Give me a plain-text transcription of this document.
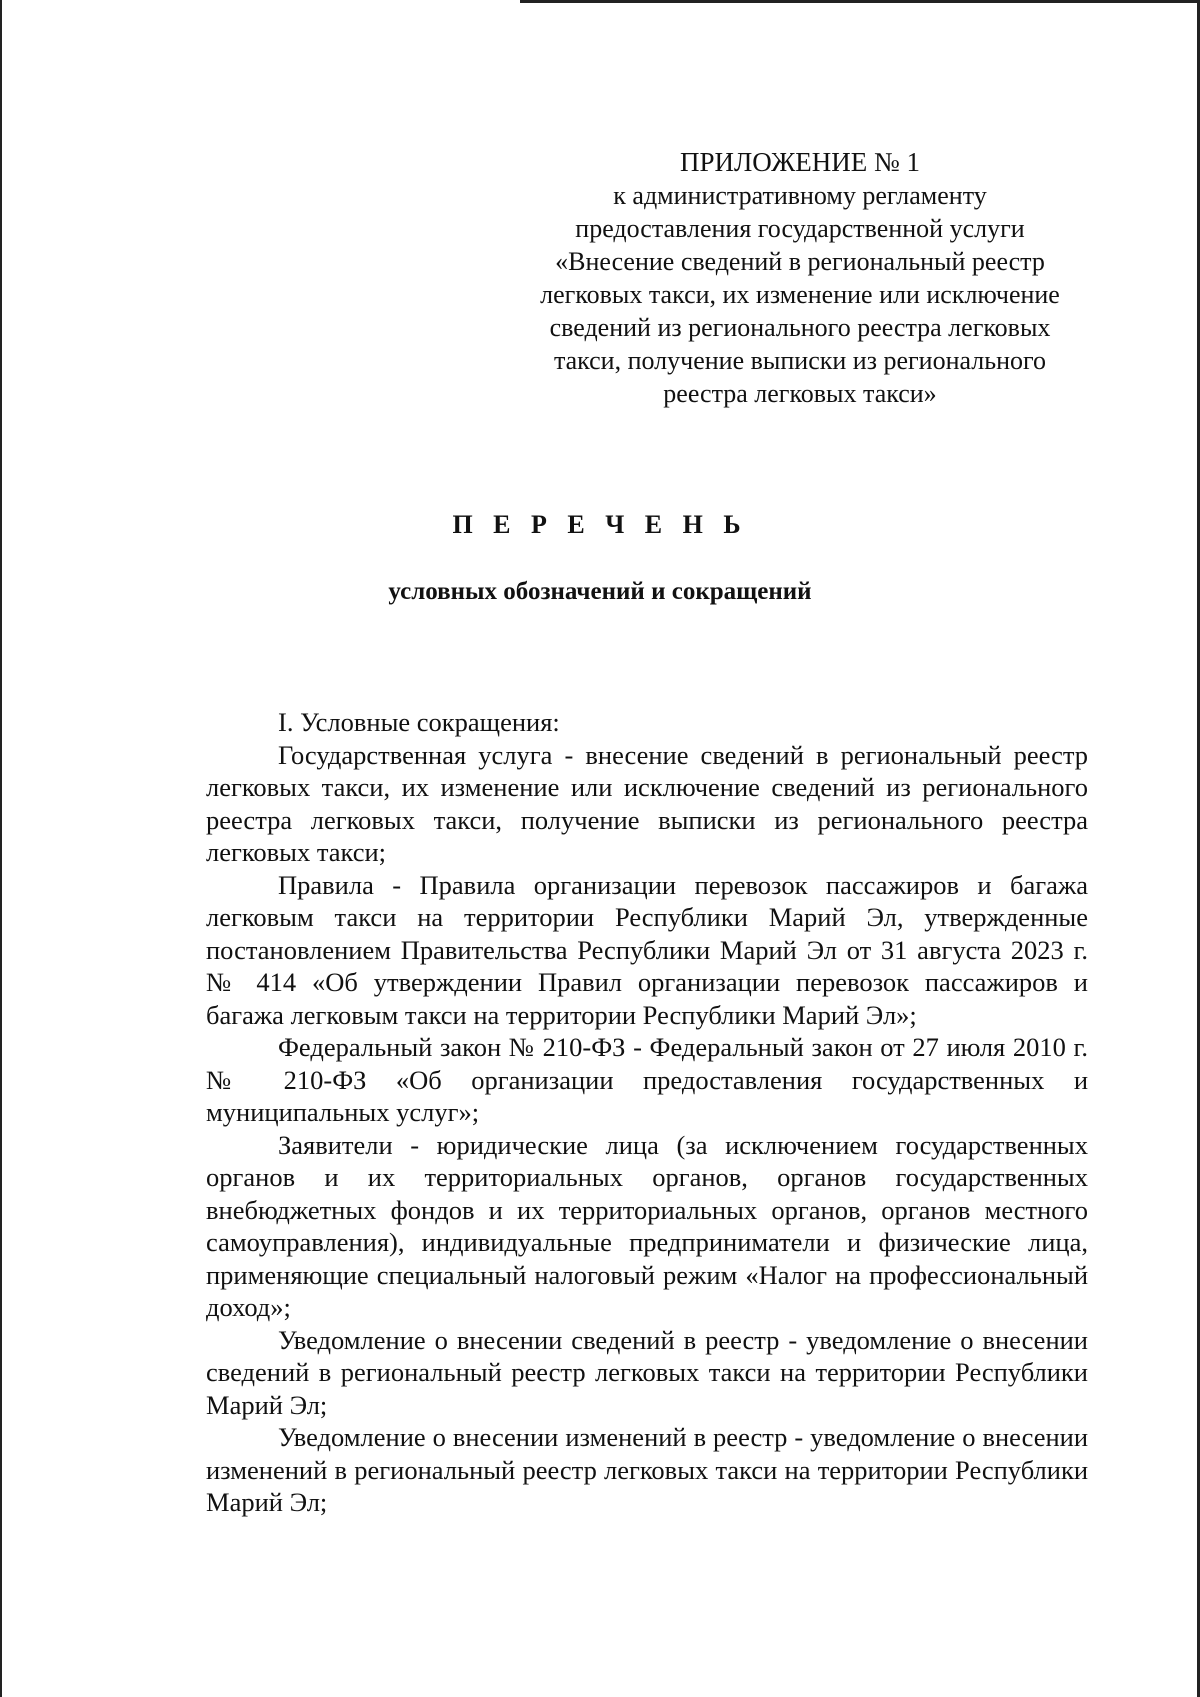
ПРИЛОЖЕНИЕ № 1
к административному регламенту
предоставления государственной услуги
«Внесение сведений в региональный реестр
легковых такси, их изменение или исключение
сведений из регионального реестра легковых
такси, получение выписки из регионального
реестра легковых такси»
П Е Р Е Ч Е Н Ь
условных обозначений и сокращений

I. Условные сокращения:

Государственная услуга - внесение сведений в региональный реестр легковых такси, их изменение или исключение сведений из регионального реестра легковых такси, получение выписки из регионального реестра легковых такси;

Правила - Правила организации перевозок пассажиров и багажа легковым такси на территории Республики Марий Эл, утвержденные постановлением Правительства Республики Марий Эл от 31 августа 2023 г. № 414 «Об утверждении Правил организации перевозок пассажиров и багажа легковым такси на территории Республики Марий Эл»;

Федеральный закон № 210-ФЗ - Федеральный закон от 27 июля 2010 г. № 210-ФЗ «Об организации предоставления государственных и муниципальных услуг»;

Заявители - юридические лица (за исключением государственных органов и их территориальных органов, органов государственных внебюджетных фондов и их территориальных органов, органов местного самоуправления), индивидуальные предприниматели и физические лица, применяющие специальный налоговый режим «Налог на профессиональный доход»;

Уведомление о внесении сведений в реестр - уведомление о внесении сведений в региональный реестр легковых такси на территории Республики Марий Эл;

Уведомление о внесении изменений в реестр - уведомление о внесении изменений в региональный реестр легковых такси на территории Республики Марий Эл;
